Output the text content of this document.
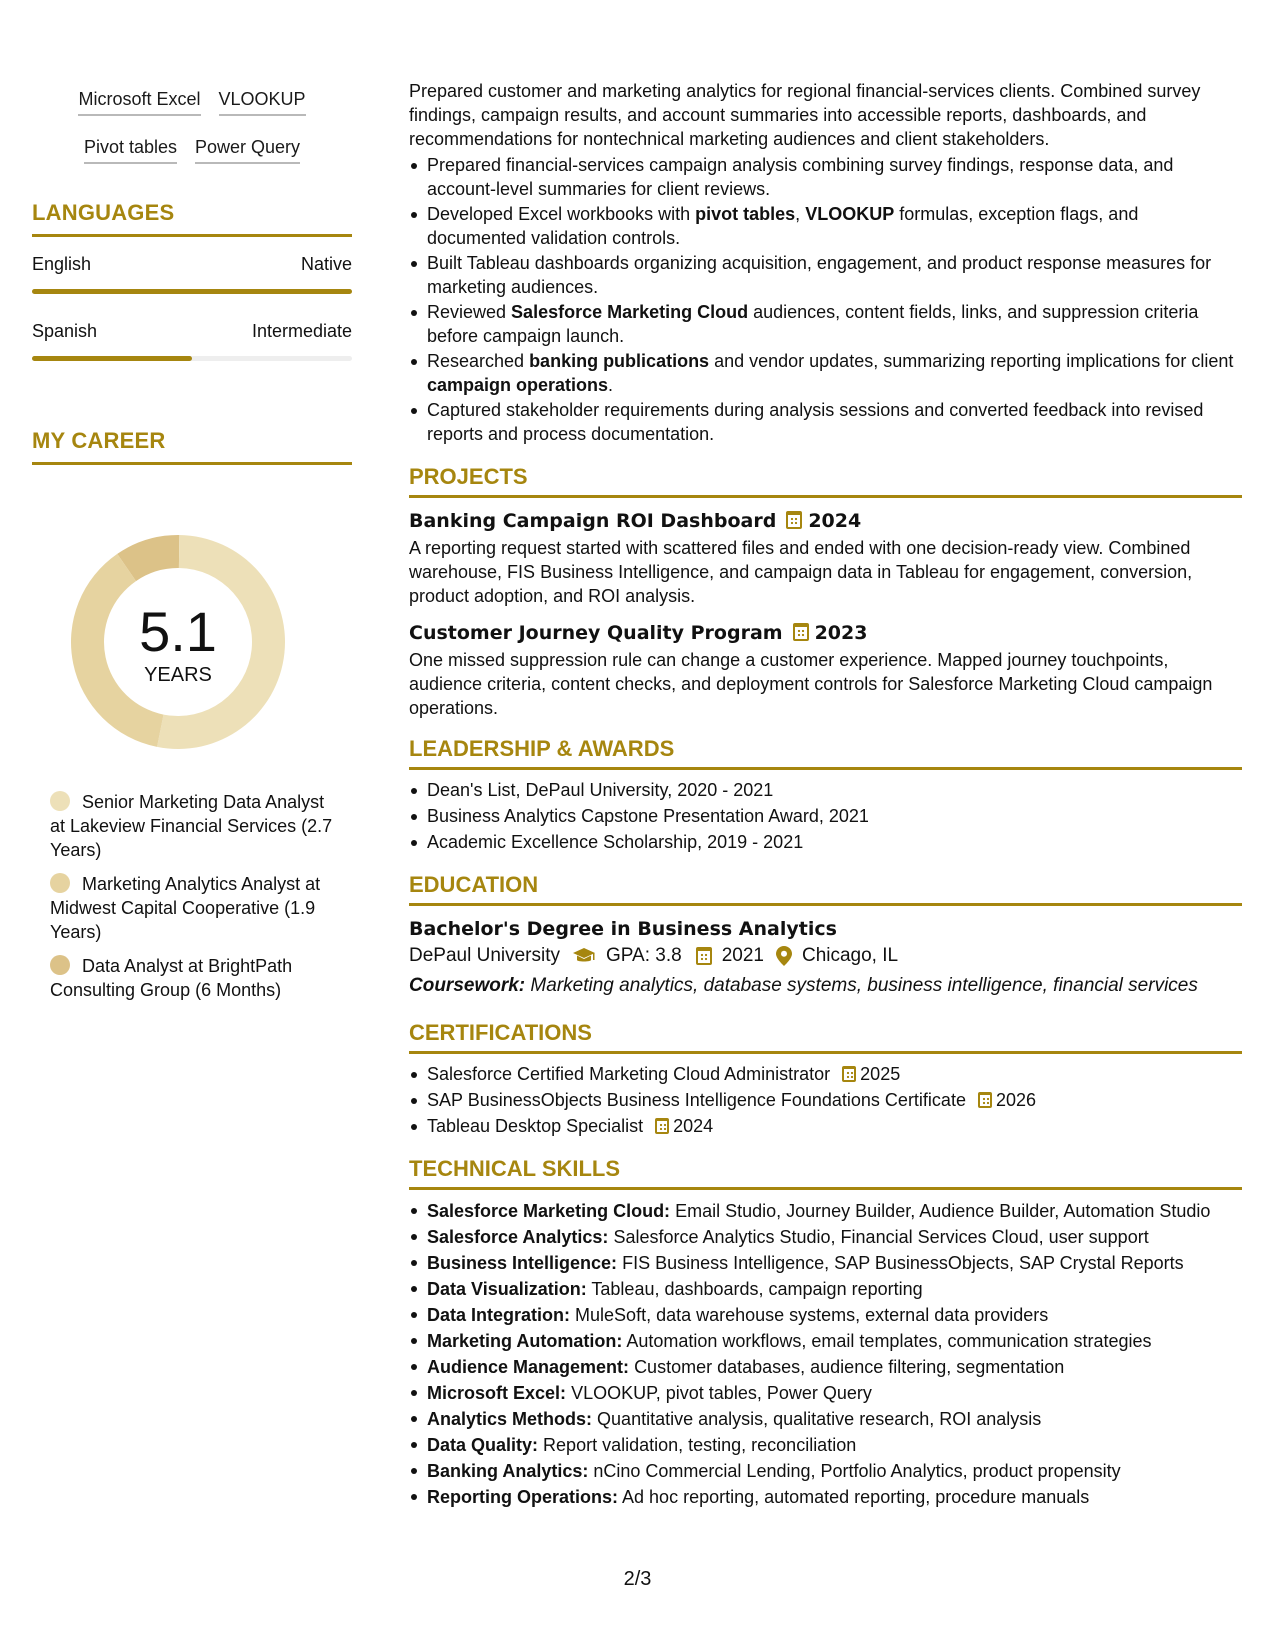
Microsoft Excel VLOOKUP
Pivot tables Power Query
LANGUAGES
English	Native
Spanish	Intermediate
MY CAREER
5.1
YEARS
Senior Marketing Data Analyst at Lakeview Financial Services (2.7 Years)
Marketing Analytics Analyst at Midwest Capital Cooperative (1.9 Years)
Data Analyst at BrightPath Consulting Group (6 Months)

Prepared customer and marketing analytics for regional financial-services clients. Combined survey findings, campaign results, and account summaries into accessible reports, dashboards, and recommendations for nontechnical marketing audiences and client stakeholders.

Prepared financial-services campaign analysis combining survey findings, response data, and account-level summaries for client reviews.
Developed Excel workbooks with pivot tables, VLOOKUP formulas, exception flags, and documented validation controls.
Built Tableau dashboards organizing acquisition, engagement, and product response measures for marketing audiences.
Reviewed Salesforce Marketing Cloud audiences, content fields, links, and suppression criteria before campaign launch.
Researched banking publications and vendor updates, summarizing reporting implications for client campaign operations.
Captured stakeholder requirements during analysis sessions and converted feedback into revised reports and process documentation.
PROJECTS
Banking Campaign ROI Dashboard 2024

A reporting request started with scattered files and ended with one decision-ready view. Combined warehouse, FIS Business Intelligence, and campaign data in Tableau for engagement, conversion, product adoption, and ROI analysis.

Customer Journey Quality Program 2023

One missed suppression rule can change a customer experience. Mapped journey touchpoints, audience criteria, content checks, and deployment controls for Salesforce Marketing Cloud campaign operations.

LEADERSHIP & AWARDS
Dean's List, DePaul University, 2020 - 2021
Business Analytics Capstone Presentation Award, 2021
Academic Excellence Scholarship, 2019 - 2021
EDUCATION
Bachelor's Degree in Business Analytics
DePaul University GPA: 3.8 2021 Chicago, IL
Coursework: Marketing analytics, database systems, business intelligence, financial services
CERTIFICATIONS
Salesforce Certified Marketing Cloud Administrator 2025
SAP BusinessObjects Business Intelligence Foundations Certificate 2026
Tableau Desktop Specialist 2024
TECHNICAL SKILLS
Salesforce Marketing Cloud: Email Studio, Journey Builder, Audience Builder, Automation Studio
Salesforce Analytics: Salesforce Analytics Studio, Financial Services Cloud, user support
Business Intelligence: FIS Business Intelligence, SAP BusinessObjects, SAP Crystal Reports
Data Visualization: Tableau, dashboards, campaign reporting
Data Integration: MuleSoft, data warehouse systems, external data providers
Marketing Automation: Automation workflows, email templates, communication strategies
Audience Management: Customer databases, audience filtering, segmentation
Microsoft Excel: VLOOKUP, pivot tables, Power Query
Analytics Methods: Quantitative analysis, qualitative research, ROI analysis
Data Quality: Report validation, testing, reconciliation
Banking Analytics: nCino Commercial Lending, Portfolio Analytics, product propensity
Reporting Operations: Ad hoc reporting, automated reporting, procedure manuals
2/3
